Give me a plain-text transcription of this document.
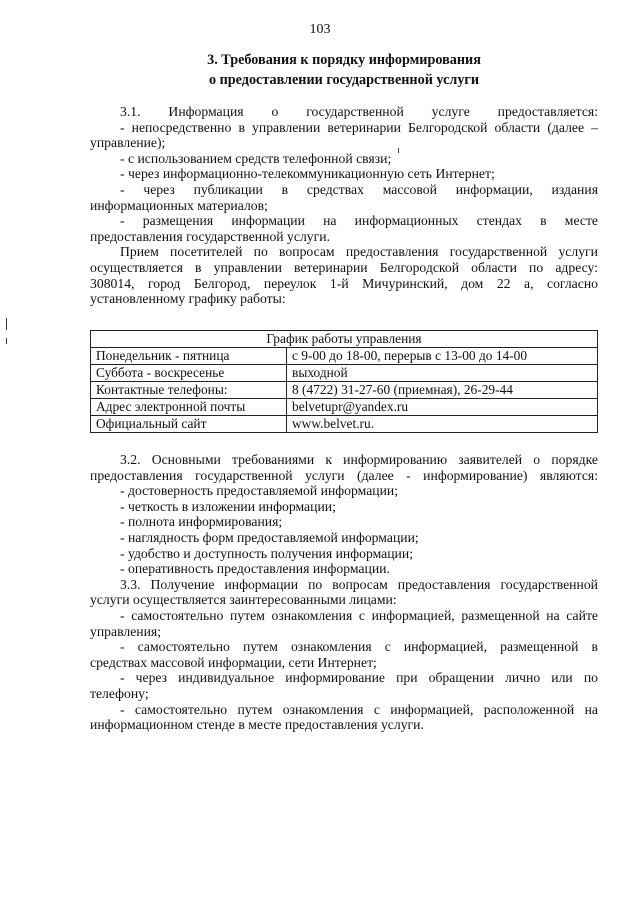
103
3. Требования к порядку информирования
о предоставлении государственной услуги
3.1. Информация о государственной услуге предоставляется:
- непосредственно в управлении ветеринарии Белгородской области (далее –
управление);
- с использованием средств телефонной связи;
- через информационно-телекоммуникационную сеть Интернет;
- через публикации в средствах массовой информации, издания
информационных материалов;
- размещения информации на информационных стендах в месте
предоставления государственной услуги.
Прием посетителей по вопросам предоставления государственной услуги
осуществляется в управлении ветеринарии Белгородской области по адресу:
308014, город Белгород, переулок 1-й Мичуринский, дом 22 а, согласно
установленному графику работы:
График работы управления	
Понедельник - пятница	с 9-00 до 18-00, перерыв с 13-00 до 14-00
Суббота - воскресенье	выходной
Контактные телефоны:	8 (4722) 31-27-60 (приемная), 26-29-44
Адрес электронной почты	belvetupr@yandex.ru
Официальный сайт	www.belvet.ru.
3.2. Основными требованиями к информированию заявителей о порядке
предоставления государственной услуги (далее - информирование) являются:
- достоверность предоставляемой информации;
- четкость в изложении информации;
- полнота информирования;
- наглядность форм предоставляемой информации;
- удобство и доступность получения информации;
- оперативность предоставления информации.
3.3. Получение информации по вопросам предоставления государственной
услуги осуществляется заинтересованными лицами:
- самостоятельно путем ознакомления с информацией, размещенной на сайте
управления;
- самостоятельно путем ознакомления с информацией, размещенной в
средствах массовой информации, сети Интернет;
- через индивидуальное информирование при обращении лично или по
телефону;
- самостоятельно путем ознакомления с информацией, расположенной на
информационном стенде в месте предоставления услуги.
